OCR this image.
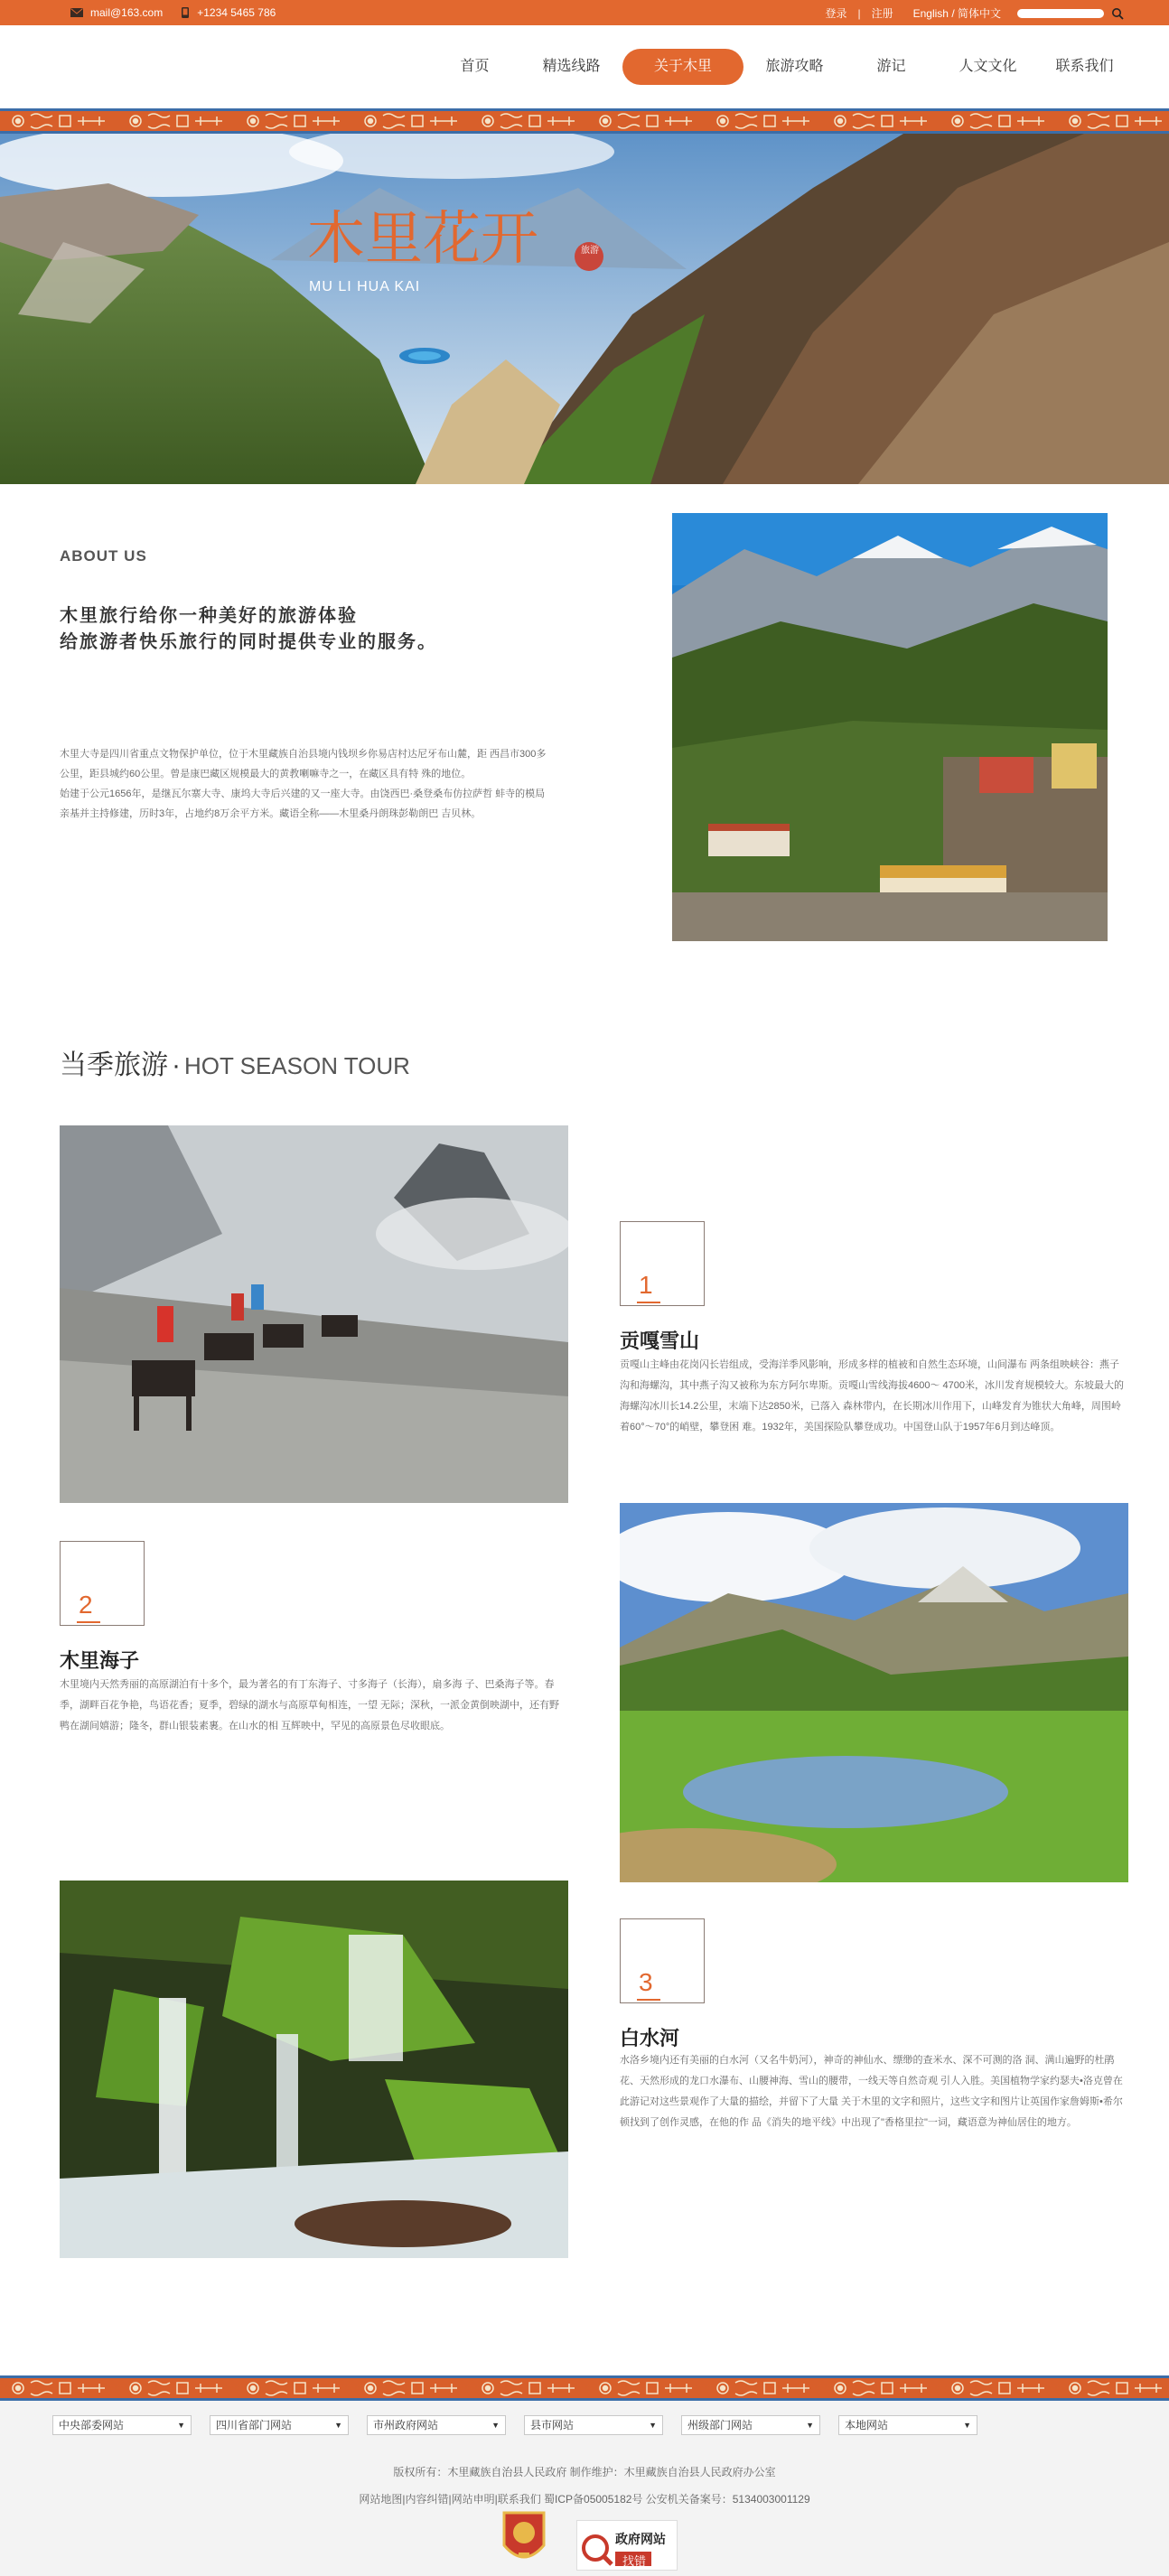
mail@163.com	+1234 5465 786	登录 | 注册 English / 简体中文
首页	精选线路	关于木里	旅游攻略	游记	人文文化	联系我们
木里花开	旅游
MU LI HUA KAI
ABOUT US
木里旅行给你一种美好的旅游体验
给旅游者快乐旅行的同时提供专业的服务。

木里大寺是四川省重点文物保护单位，位于木里藏族自治县境内钱坝乡你易店村达尼牙布山麓，距 西昌市300多公里，距县城约60公里。曾是康巴藏区规模最大的黄教喇嘛寺之一，在藏区具有特 殊的地位。

始建于公元1656年，是继瓦尔寨大寺、康坞大寺后兴建的又一座大寺。由饶西巴·桑登桑布仿拉萨哲 蚌寺的模局亲基并主持修建，历时3年，占地约8万余平方米。藏语全称——木里桑丹朗珠彭勒朗巴 吉贝林。

当季旅游 · HOT SEASON TOUR
1
贡嘎雪山
贡嘎山主峰由花岗闪长岩组成，受海洋季风影响，形成多样的植被和自然生态环境，山间瀑布 两条组映峡谷：燕子沟和海螺沟，其中燕子沟又被称为东方阿尔卑斯。贡嘎山雪线海拔4600～ 4700米，冰川发育规模较大。东坡最大的海螺沟冰川长14.2公里，末端下达2850米，已落入 森林带内，在长期冰川作用下，山峰发育为锥状大角峰，周围岭着60°～70°的峭壁，攀登困 难。1932年，美国探险队攀登成功。中国登山队于1957年6月到达峰顶。
2
木里海子
木里境内天然秀丽的高原湖泊有十多个，最为著名的有丁东海子、寸多海子（长海），扇多海 子、巴桑海子等。春季，湖畔百花争艳，鸟语花香；夏季，碧绿的湖水与高原草甸相连，一望 无际；深秋，一派金黄倒映湖中，还有野鸭在湖间嬉游；隆冬，群山银装素裹。在山水的相 互辉映中，罕见的高原景色尽收眼底。
3
白水河
水洛乡境内还有美丽的白水河（又名牛奶河），神奇的神仙水、缥缈的查米水、深不可测的洛 洞、满山遍野的杜鹃花、天然形成的龙口水瀑布、山腰神海、雪山的腰带，一线天等自然奇观 引人入胜。美国植物学家约瑟夫•洛克曾在此游记对这些景观作了大量的描绘，并留下了大量 关于木里的文字和照片，这些文字和图片让英国作家詹姆斯•希尔顿找到了创作灵感，在他的作 品《消失的地平线》中出现了"香格里拉"一词，藏语意为神仙居住的地方。
中央部委网站 ▼	四川省部门网站 ▼	市州政府网站 ▼	县市网站 ▼	州级部门网站 ▼	本地网站 ▼
版权所有：木里藏族自治县人民政府 制作维护：木里藏族自治县人民政府办公室
网站地图|内容纠错|网站申明|联系我们 蜀ICP备05005182号 公安机关备案号：5134003001129
政府网站
找错
